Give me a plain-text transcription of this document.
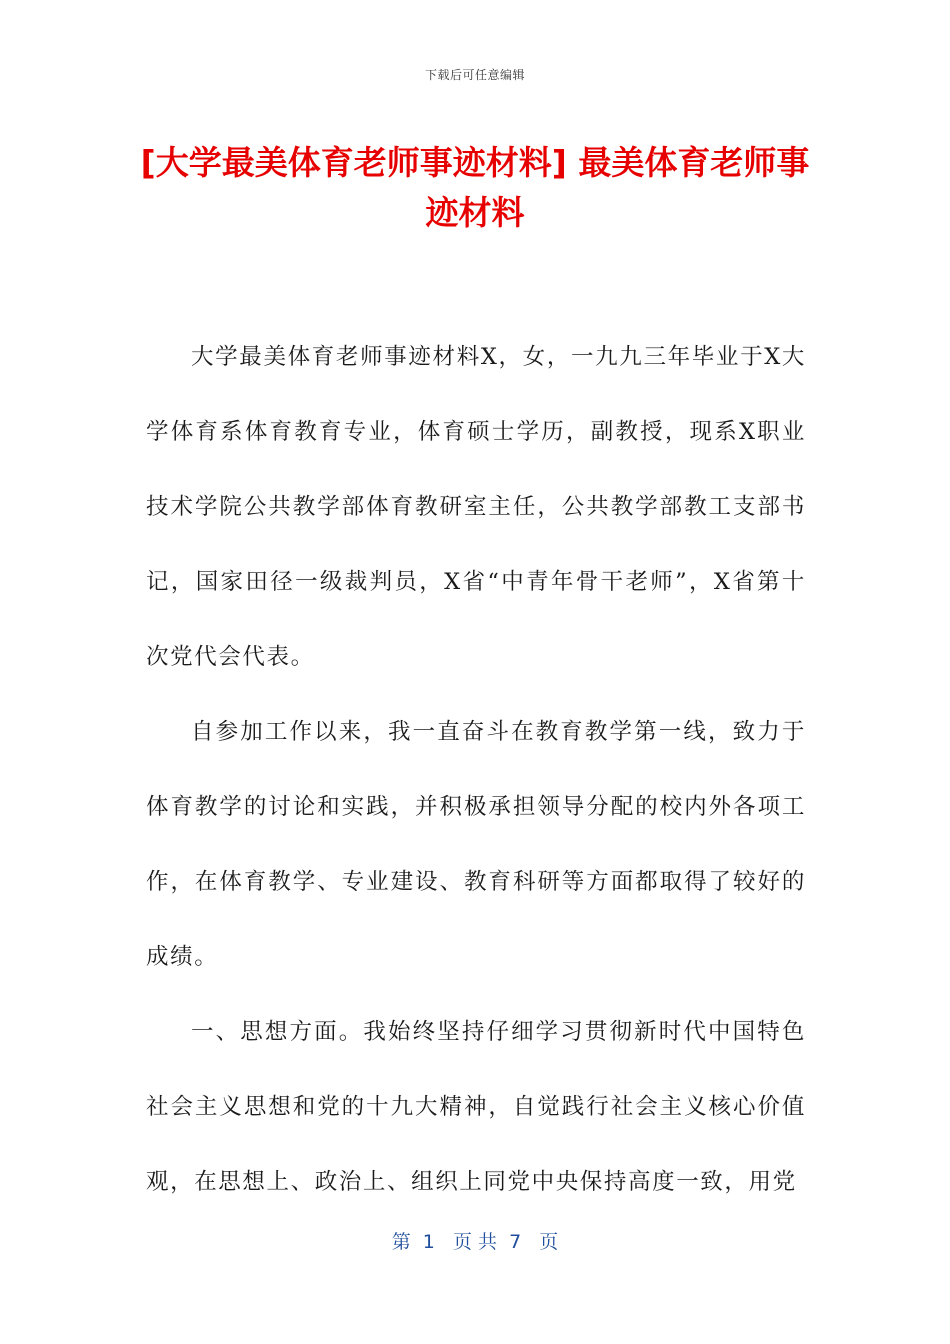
下载后可任意编辑
[大学最美体育老师事迹材料] 最美体育老师事迹材料

大学最美体育老师事迹材料X，女，一九九三年毕业于X大学体育系体育教育专业，体育硕士学历，副教授，现系X职业技术学院公共教学部体育教研室主任，公共教学部教工支部书记，国家田径一级裁判员，X省“中青年骨干老师”，X省第十次党代会代表。

自参加工作以来，我一直奋斗在教育教学第一线，致力于体育教学的讨论和实践，并积极承担领导分配的校内外各项工作，在体育教学、专业建设、教育科研等方面都取得了较好的成绩。

一、思想方面。我始终坚持仔细学习贯彻新时代中国特色社会主义思想和党的十九大精神，自觉践行社会主义核心价值观，在思想上、政治上、组织上同党中央保持高度一致，用党

第  1   页 共  7   页
